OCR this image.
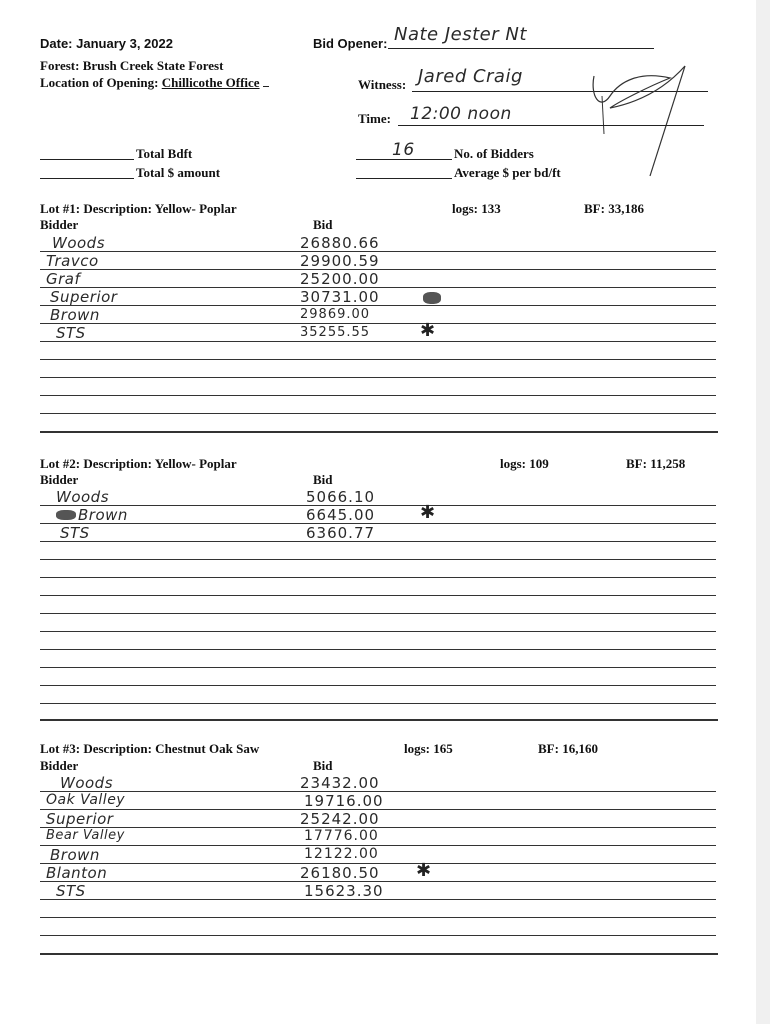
Date: January 3, 2022
Forest: Brush Creek State Forest
Location of Opening: Chillicothe Office
Bid Opener: Nate Jester Nt
Witness: Jared Craig
Time: 12:00 noon
Total Bdft
Total $ amount
16	No. of Bidders
Average $ per bd/ft
Lot #1: Description: Yellow- Poplar	logs: 133	BF: 33,186
Bidder	Bid
Woods	26880.66
Travco	29900.59
Graf	25200.00
Superior	30731.00
Brown	29869.00
STS	35255.55	✱
Lot #2: Description: Yellow- Poplar	logs: 109	BF: 11,258
Bidder	Bid
Woods	5066.10
Brown	6645.00 ✱
STS	6360.77
Lot #3: Description: Chestnut Oak Saw	logs: 165	BF: 16,160
Bidder	Bid
Woods	23432.00
Oak Valley	19716.00
Superior	25242.00
Bear Valley	17776.00
Brown	12122.00
Blanton	26180.50 ✱
STS	15623.30
